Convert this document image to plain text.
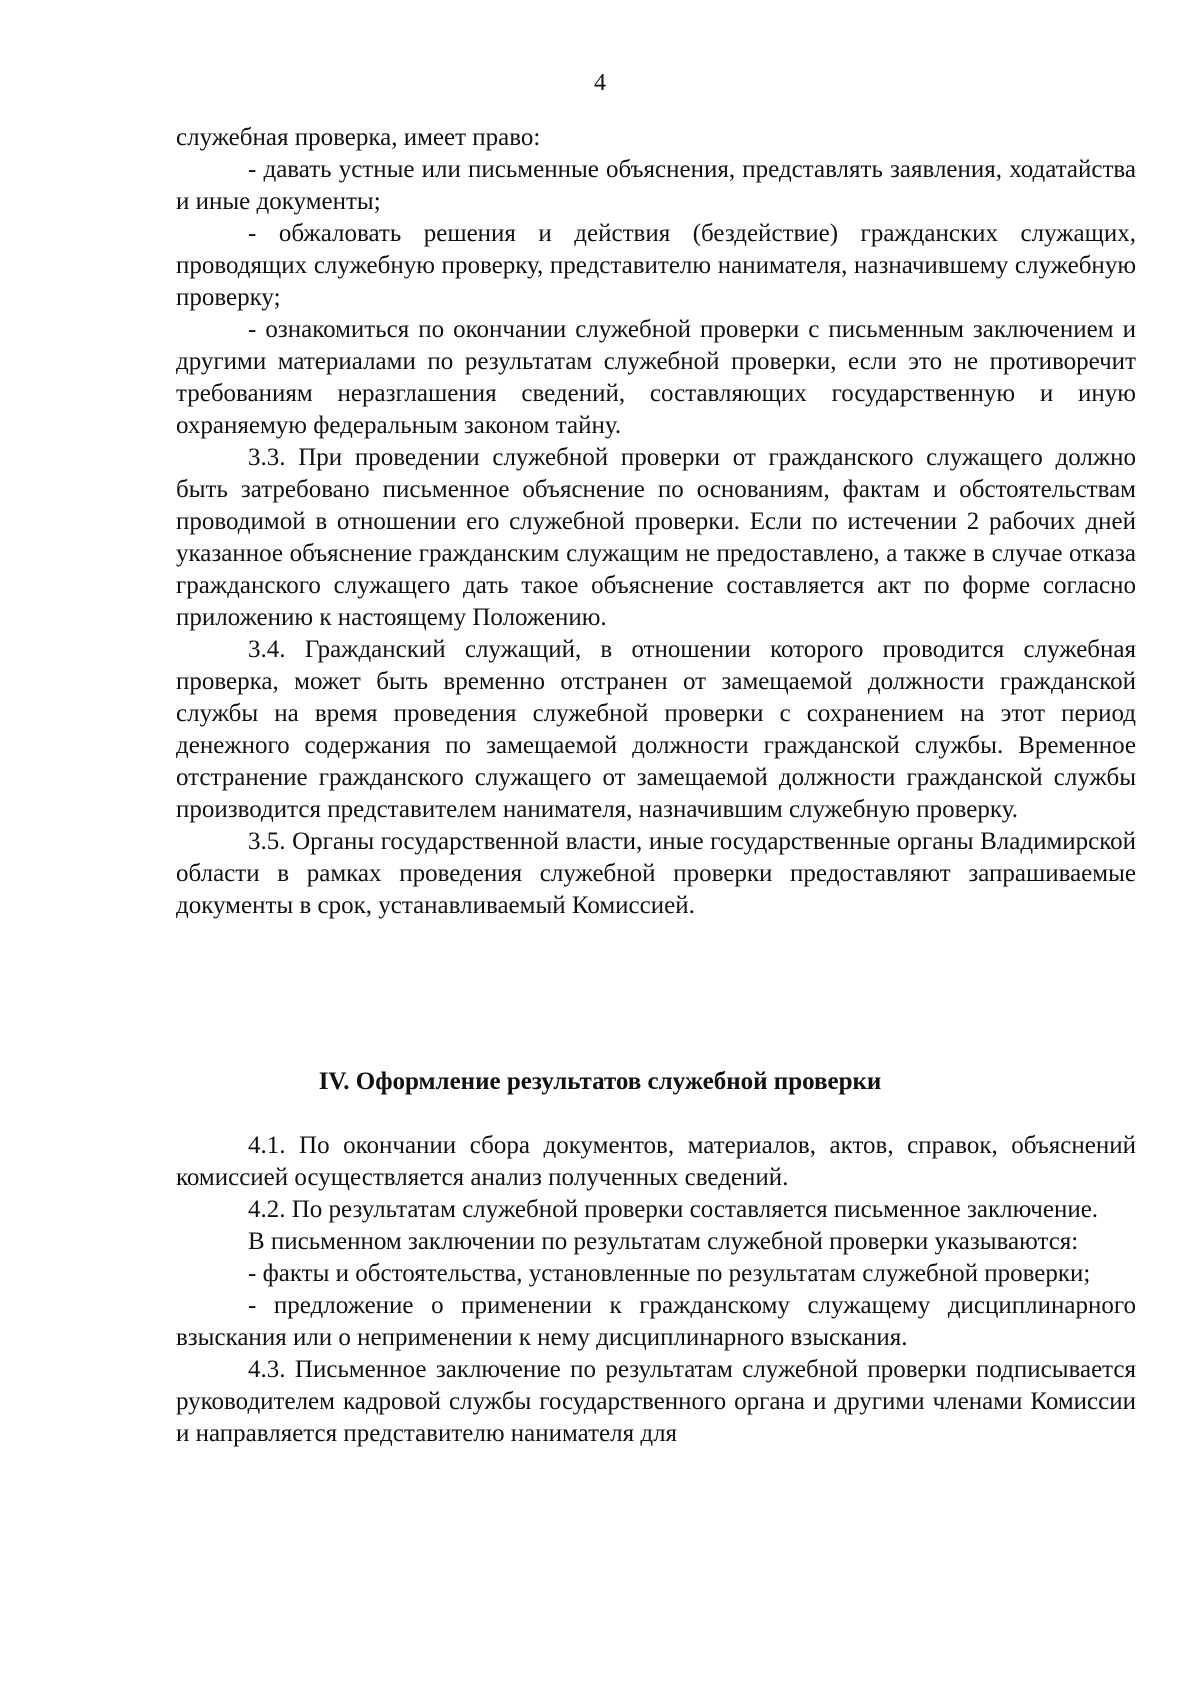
4

служебная проверка, имеет право:

- давать устные или письменные объяснения, представлять заявления, ходатайства и иные документы;

- обжаловать решения и действия (бездействие) гражданских служащих, проводящих служебную проверку, представителю нанимателя, назначившему служебную проверку;

- ознакомиться по окончании служебной проверки с письменным заключением и другими материалами по результатам служебной проверки, если это не противоречит требованиям неразглашения сведений, составляющих государственную и иную охраняемую федеральным законом тайну.

3.3. При проведении служебной проверки от гражданского служащего должно быть затребовано письменное объяснение по основаниям, фактам и обстоятельствам проводимой в отношении его служебной проверки. Если по истечении 2 рабочих дней указанное объяснение гражданским служащим не предоставлено, а также в случае отказа гражданского служащего дать такое объяснение составляется акт по форме согласно приложению к настоящему Положению.

3.4. Гражданский служащий, в отношении которого проводится служебная проверка, может быть временно отстранен от замещаемой должности гражданской службы на время проведения служебной проверки с сохранением на этот период денежного содержания по замещаемой должности гражданской службы. Временное отстранение гражданского служащего от замещаемой должности гражданской службы производится представителем нанимателя, назначившим служебную проверку.

3.5. Органы государственной власти, иные государственные органы Владимирской области в рамках проведения служебной проверки предоставляют запрашиваемые документы в срок, устанавливаемый Комиссией.

IV. Оформление результатов служебной проверки

4.1. По окончании сбора документов, материалов, актов, справок, объяснений комиссией осуществляется анализ полученных сведений.

4.2. По результатам служебной проверки составляется письменное заключение.

В письменном заключении по результатам служебной проверки указываются:

- факты и обстоятельства, установленные по результатам служебной проверки;

- предложение о применении к гражданскому служащему дисциплинарного взыскания или о неприменении к нему дисциплинарного взыскания.

4.3. Письменное заключение по результатам служебной проверки подписывается руководителем кадровой службы государственного органа и другими членами Комиссии и направляется представителю нанимателя для
